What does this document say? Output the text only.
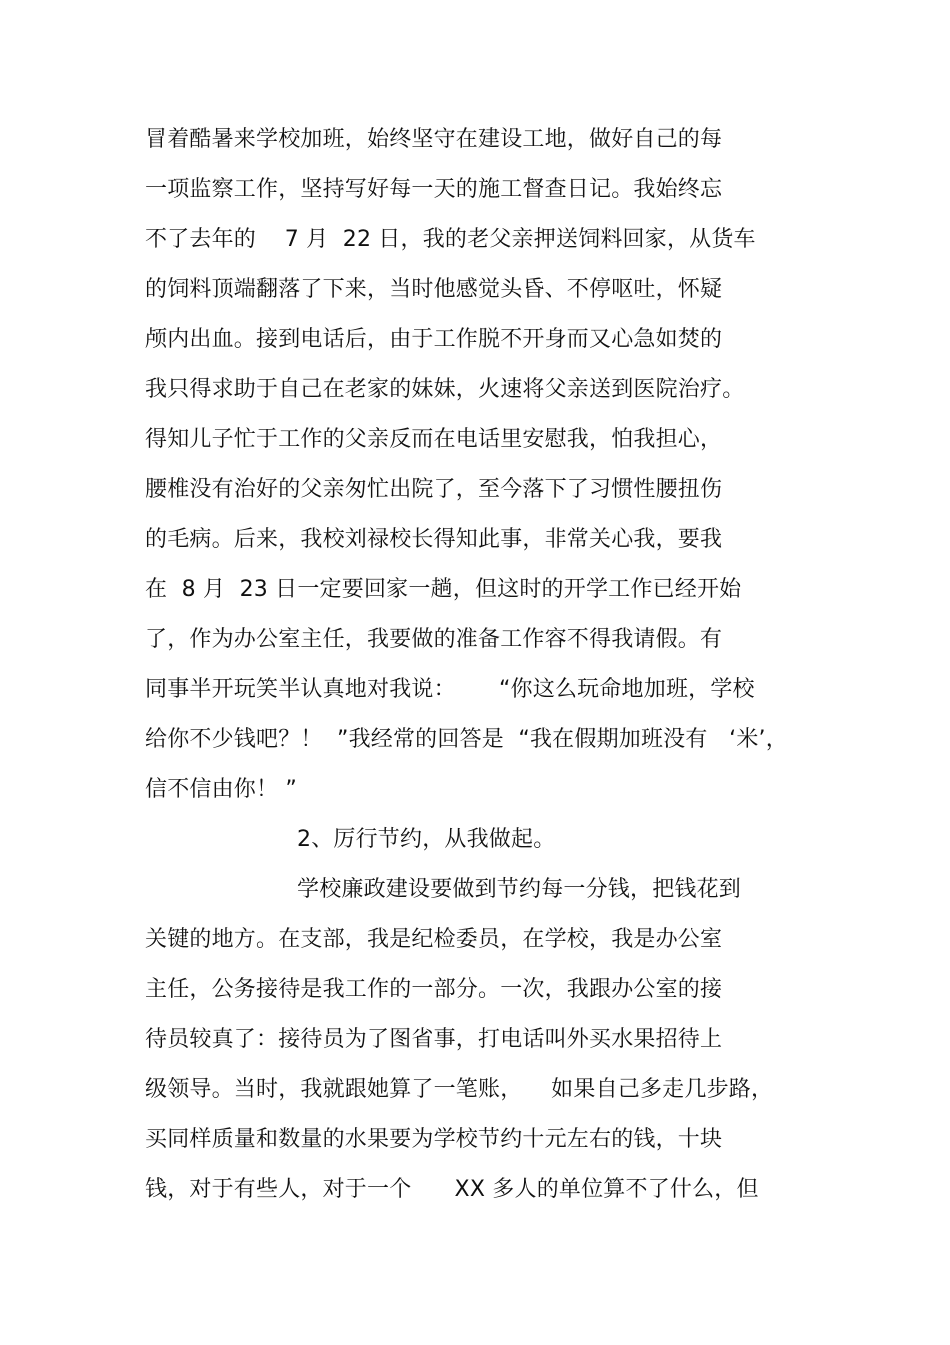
冒着酷暑来学校加班，始终坚守在建设工地，做好自己的每
一项监察工作，坚持写好每一天的施工督查日记。我始终忘
不了去年的    7 月  22 日，我的老父亲押送饲料回家，从货车
的饲料顶端翻落了下来，当时他感觉头昏、不停呕吐，怀疑
颅内出血。接到电话后，由于工作脱不开身而又心急如焚的
我只得求助于自己在老家的妹妹，火速将父亲送到医院治疗。
得知儿子忙于工作的父亲反而在电话里安慰我，怕我担心，
腰椎没有治好的父亲匆忙出院了，至今落下了习惯性腰扭伤
的毛病。后来，我校刘禄校长得知此事，非常关心我，要我
在  8 月  23 日一定要回家一趟，但这时的开学工作已经开始
了，作为办公室主任，我要做的准备工作容不得我请假。有
同事半开玩笑半认真地对我说：      “你这么玩命地加班，学校
给你不少钱吧？！  ”我经常的回答是  “我在假期加班没有   ‘米’，
信不信由你！ ”
2、厉行节约，从我做起。
学校廉政建设要做到节约每一分钱，把钱花到
关键的地方。在支部，我是纪检委员，在学校，我是办公室
主任，公务接待是我工作的一部分。一次，我跟办公室的接
待员较真了：接待员为了图省事，打电话叫外买水果招待上
级领导。当时，我就跟她算了一笔账，    如果自己多走几步路，
买同样质量和数量的水果要为学校节约十元左右的钱，十块
钱，对于有些人，对于一个      XX 多人的单位算不了什么，但
